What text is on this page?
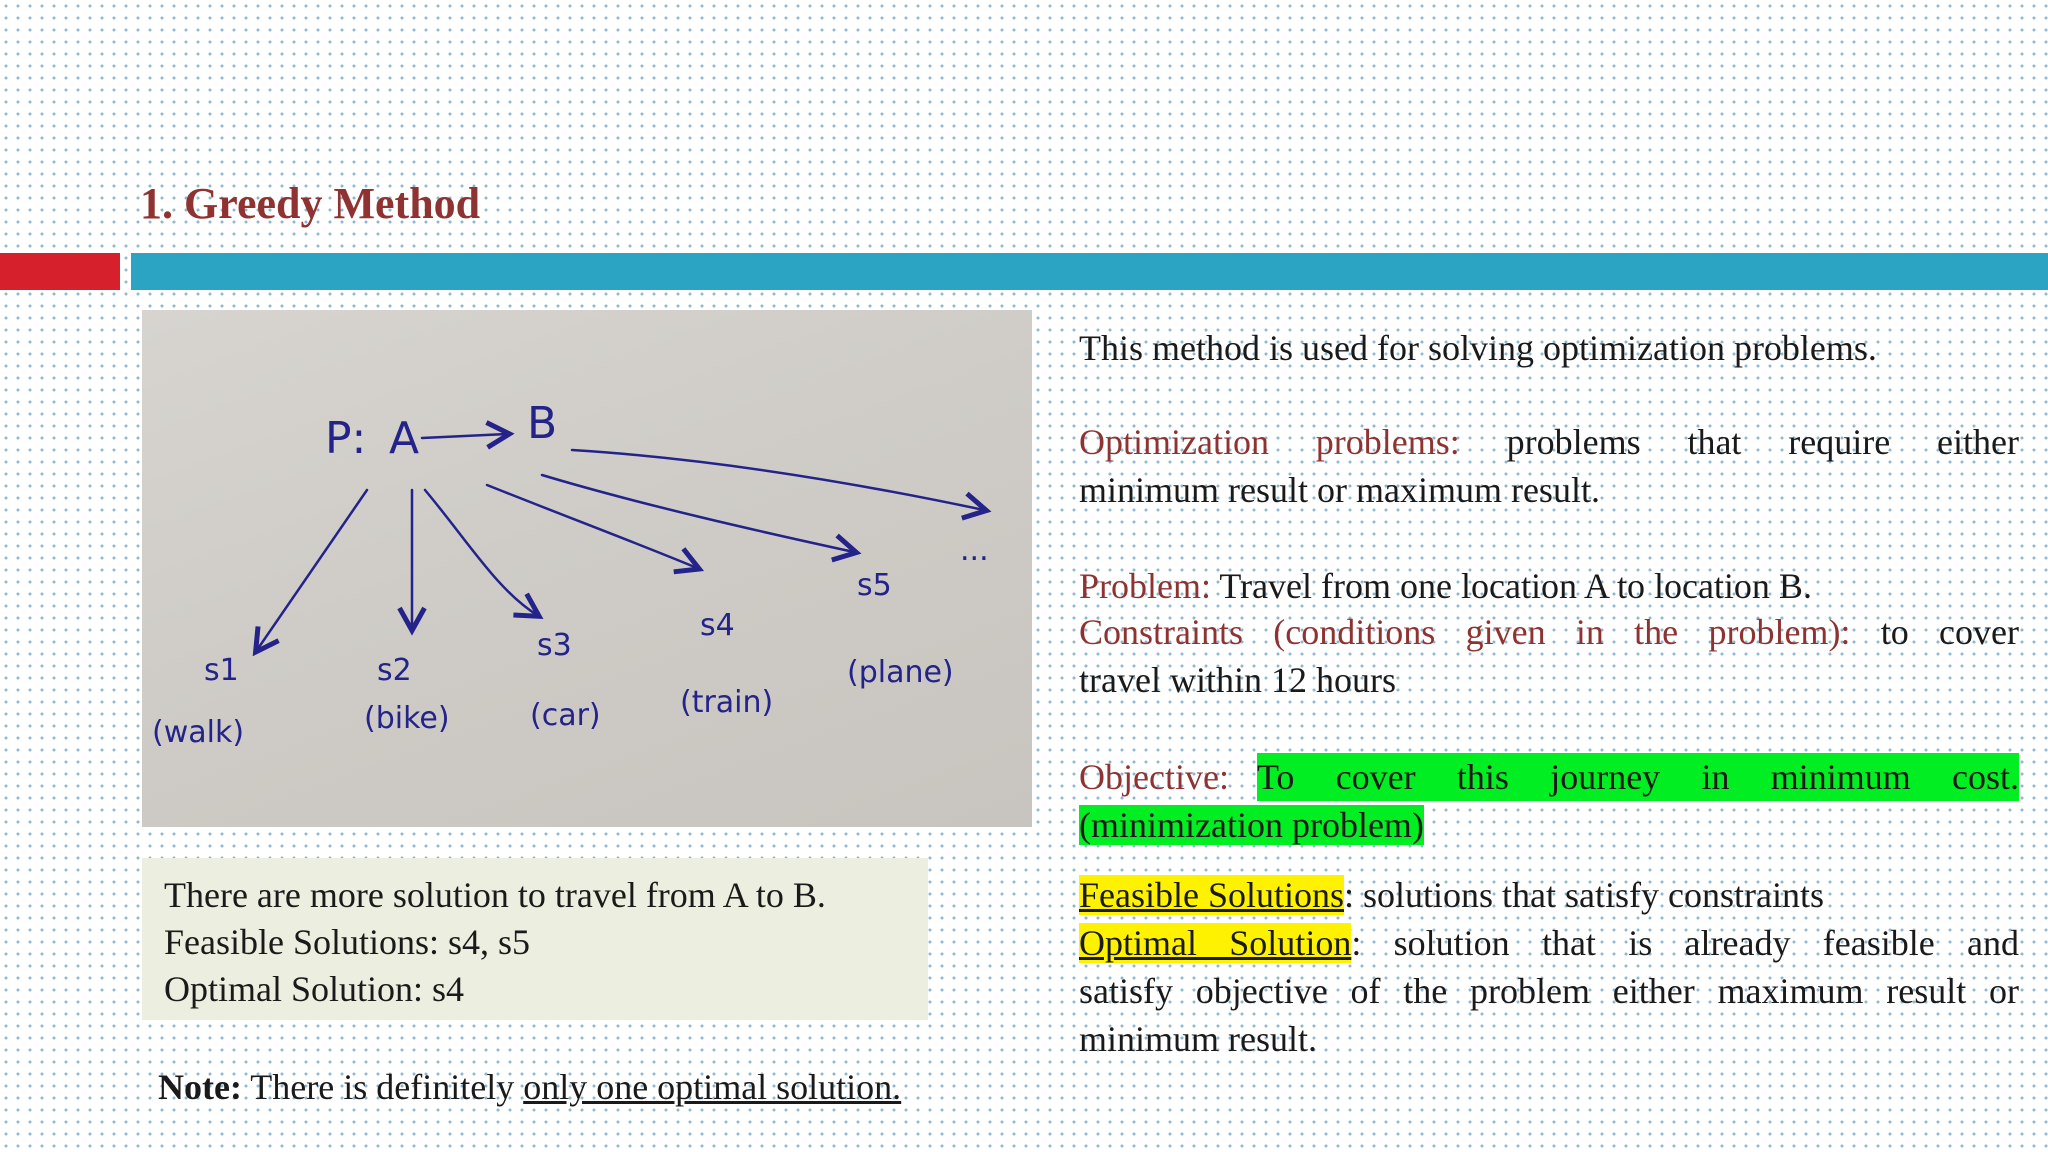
1. Greedy Method
P: A B
...
s1	s2
s3
s4
s5
(walk)	(bike)	(car)	(train)
(plane)
There are more solution to travel from A to B.
Feasible Solutions: s4, s5
Optimal Solution: s4
Note: There is definitely only one optimal solution.
This method is used for solving optimization problems.
Optimization problems: problems that require either
minimum result or maximum result.
Problem: Travel from one location A to location B.
Constraints (conditions given in the problem): to cover
travel within 12 hours
Objective: To cover this journey in minimum cost.
(minimization problem)
Feasible Solutions: solutions that satisfy constraints
Optimal Solution: solution that is already feasible and
satisfy objective of the problem either maximum result or
minimum result.
